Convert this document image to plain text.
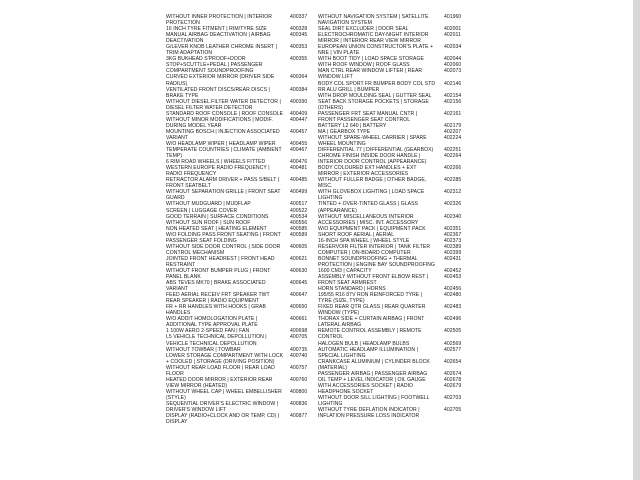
WITHOUT INNER PROTECTION | INTERIOR PROTECTION
400337
16 INCH TYRE FITMENT | RIM/TYRE SIZE	400328
MANUAL AIRBAG DEACTIVATION | AIRBAG DEACTIVATION
400345
G/LEVER KNOB LEATHER CHROME INSERT | TRIM ADAPTATION
400353
3KG BUKHEAD S'PROOF+DOOR STOP+SCUTTLE+PEDAL | PASSENGER COMPARTMENT SOUNDPROOFING
400355
CURVED EXTERIOR MIRROR (DRIVER SIDE RADIUS)
400364
VENTILATED FRONT DISCS/REAR DISCS | BRAKE TYPE
400384
WITHOUT DIESEL FILTER WATER DETECTOR | DIESEL FILTER WATER DETECTOR
400390
STANDARD ROOF CONSOLE | ROOF CONSOLE 400409
WITHOUT MINOR MODIFICATIONS | MODIF. DURING MODEL YEAR
400447
MOUNTING BOSCH | INJECTION ASSOCIATED VARIANT
400457
W/O HEADLAMP WIPER | HEADLAMP WIPER	400455
TEMPERATE COUNTRIES | CLIMATE (AMBIENT TEMP)
400467
6 RIM ROAD WHEELS | WHEELS FITTED	400476
WESTERN EUROPE RADIO FREQUENCY | RADIO FREQUENCY
400481
RETRACTOR ALARM DRIVER + PASS S/BELT | FRONT SEATBELT
400485
WITHOUT SEPARATION GRILLE | FRONT SEAT GUARD
400499
WITHOUT MUDGUARD | MUDFLAP	400517
SCREEN | LUGGAGE COVER	400522
GOOD TERRAIN | SURFACE CONDITIONS	400534
WITHOUT SUN ROOF | SUN ROOF	400556
NON HEATED SEAT | HEATING ELEMENT	400585
W/O FOLDING PASS FRONT SEATING | FRONT PASSENGER SEAT FOLDING
400589
WITHOUT SIDE DOOR CONTROL | SIDE DOOR CONTROL MECHANISM
400605
JOINTED FRONT HEADREST | FRONT HEAD RESTRAINT
400621
WITHOUT FRONT BUMPER PLUG | FRONT PANEL BLANK
400630
ABS TEVES MK70 | BRAKE ASSOCIATED VARIANT
400645
FEED AERIAL RECEIV FRT SPEAKER TWT REAR SPEAKER | RADIO EQUIPMENT
400647
FR + RR HANDLES WITH HOOKS | GRAB HANDLES
400650
W/O ADDIT HOMOLOGATION PLATE | ADDITIONAL TYPE APPROVAL PLATE
400661
1 100W AERO 2-SPEED FAN | FAN	400698
L5 VEHICLE TECHNICAL DEPOLLUTION | VEHICLE TECHNICAL DEPOLLUTION
400705
WITHOUT TOWBAR | TOWBAR	400735
LOWER STORAGE COMPARTMENT WITH LOCK + COOLED | STORAGE (DRIVING POSITION)
400740
WITHOUT REAR LOAD FLOOR | REAR LOAD FLOOR
400757
HEATED DOOR MIRROR | EXTERIOR REAR VIEW MIRROR (HEATED)
400760
WITHOUT WHEEL CAP | WHEEL EMBELLISHER (STYLE)
400800
SEQUENTIAL DRIVER'S ELECTRIC WINDOW | DRIVER'S WINDOW LIFT
400836
DISPLAY (RADIO+CLOCK AND OR TEMP, CD) | DISPLAY
400877
WITHOUT NAVIGATION SYSTEM | SATELLITE NAVIGATION SYSTEM
401960
SEAL DIRT EXCLUDER | DOOR SEAL	402001
ELECTROCHROMATIC DAY-NIGHT INTERIOR MIRROR | INTERIOR REAR VIEW MIRROR
402011
EUROPEAN UNION CONSTRUCTOR'S PLATE + NRE | VIN PLATE
402034
WITH BOOT TIDY | LOAD SPACE STORAGE	402044
WITH ROOF WINDOW | ROOF GLASS	402060
MAN CTRL REAR WINDOW LIFTER | REAR WINDOW LIFT
402073
BODY COL SPORT FR BUMPER BODY COL STD RR ALU GRILL | BUMPER
402146
WITH DROP MOULDING SEAL | GUTTER SEAL	402154
SEAT BACK STORAGE POCKETS | STORAGE (OTHERS)
402156
PASSENGER FRT SEAT MANUAL CNTR | FRONT PASSENGER SEAT CONTROL
402161
BATTERY L2 640 | BATTERY	402179
MA | GEARBOX TYPE	402207
WITHOUT SPARE-WHEEL CARRIER | SPARE WHEEL MOUNTING
402224
DIFFERENTIAL 77 | DIFFERENTIAL (GEARBOX)	402251
CHROME FINISH INSIDE DOOR HANDLE | INTERIOR DOOR CONTROL (APPEARANCE)
402264
BODY COLOURED EXT HANDLES + EXT MIRROR | EXTERIOR ACCESSORIES
402266
WITHOUT FULLER BADGE | OTHER BADGE, MISC.
402285
WITH GLOVEBOX LIGHTING | LOAD SPACE LIGHTING
402312
TINTED + OVER-TINTED GLASS | GLASS (APPEARANCE)
402326
WITHOUT MISCELLANEOUS INTERIOR ACCESSORIES | MISC. INT. ACCESSORY
402340
W/O EQUIPMENT PACK | EQUIPMENT PACK	402351
SHORT ROOF AERIAL | AERIAL	402367
16-INCH SPA WHEEL | WHEEL STYLE	402373
RESERVOIR FILTER INTERIOR | TANK FILTER	402389
COMPUTER | ON-BOARD COMPUTER	402399
BONNET SOUNDPROOFING + THERMAL PROTECTION | ENGINE BAY SOUNDPROOFING
402431
1600 CM3 | CAPACITY	402452
ASSEMBLY WITHOUT FRONT ELBOW REST | FRONT SEAT ARMREST
402453
HORN STANDARD | HORNS	402456
195/55 R16 87V RON REINFORCED TYRE | TYRE (SIZE, TYPE)
402480
FIXED REAR QTR GLASS | REAR QUARTER WINDOW (TYPE)
402483
THORAX SIDE + CURTAIN AIRBAG | FRONT LATERAL AIRBAG
402496
REMOTE CONTROL ASSEMBLY | REMOTE CONTROL
402505
HALOGEN BULB | HEADLAMP BULBS	402569
AUTOMATIC HEADLAMP ILLUMINATION | SPECIAL LIGHTING
402577
CRANKCASE ALUMINIUM | CYLINDER BLOCK (MATERIAL)
402654
PASSENGER AIRBAG | PASSENGER AIRBAG	402674
OIL TEMP + LEVEL INDICATOR | OIL GAUGE	402678
WITH ACCESSORIES SOCKET | RADIO HEADPHONE SOCKET
402679
WITHOUT DOOR SILL LIGHTING | FOOTWELL LIGHTING
402703
WITHOUT TYRE DEFLATION INDICATOR | INFLATION PRESSURE LOSS INDICATOR
402705
